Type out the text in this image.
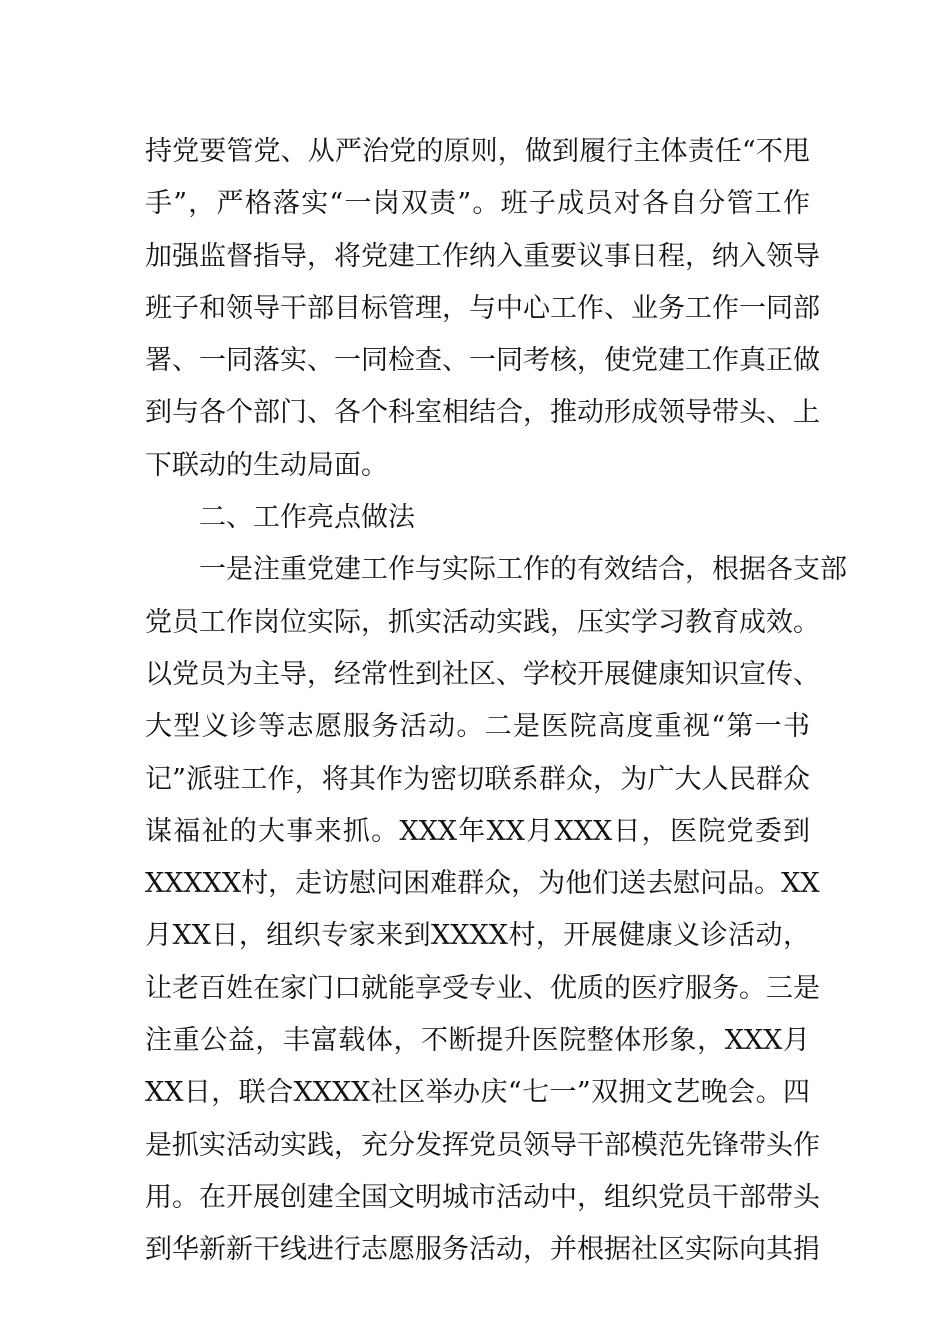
持党要管党、从严治党的原则，做到履行主体责任“不甩
手”，严格落实“一岗双责”。班子成员对各自分管工作
加强监督指导，将党建工作纳入重要议事日程，纳入领导
班子和领导干部目标管理，与中心工作、业务工作一同部
署、一同落实、一同检查、一同考核，使党建工作真正做
到与各个部门、各个科室相结合，推动形成领导带头、上
下联动的生动局面。
　　二、工作亮点做法
　　一是注重党建工作与实际工作的有效结合，根据各支部
党员工作岗位实际，抓实活动实践，压实学习教育成效。
以党员为主导，经常性到社区、学校开展健康知识宣传、
大型义诊等志愿服务活动。二是医院高度重视“第一书
记”派驻工作，将其作为密切联系群众，为广大人民群众
谋福祉的大事来抓。XXX年XX月XXX日，医院党委到
XXXXX村，走访慰问困难群众，为他们送去慰问品。XX
月XX日，组织专家来到XXXX村，开展健康义诊活动，
让老百姓在家门口就能享受专业、优质的医疗服务。三是
注重公益，丰富载体，不断提升医院整体形象，XXX月
XX日，联合XXXX社区举办庆“七一”双拥文艺晚会。四
是抓实活动实践，充分发挥党员领导干部模范先锋带头作
用。在开展创建全国文明城市活动中，组织党员干部带头
到华新新干线进行志愿服务活动，并根据社区实际向其捐
